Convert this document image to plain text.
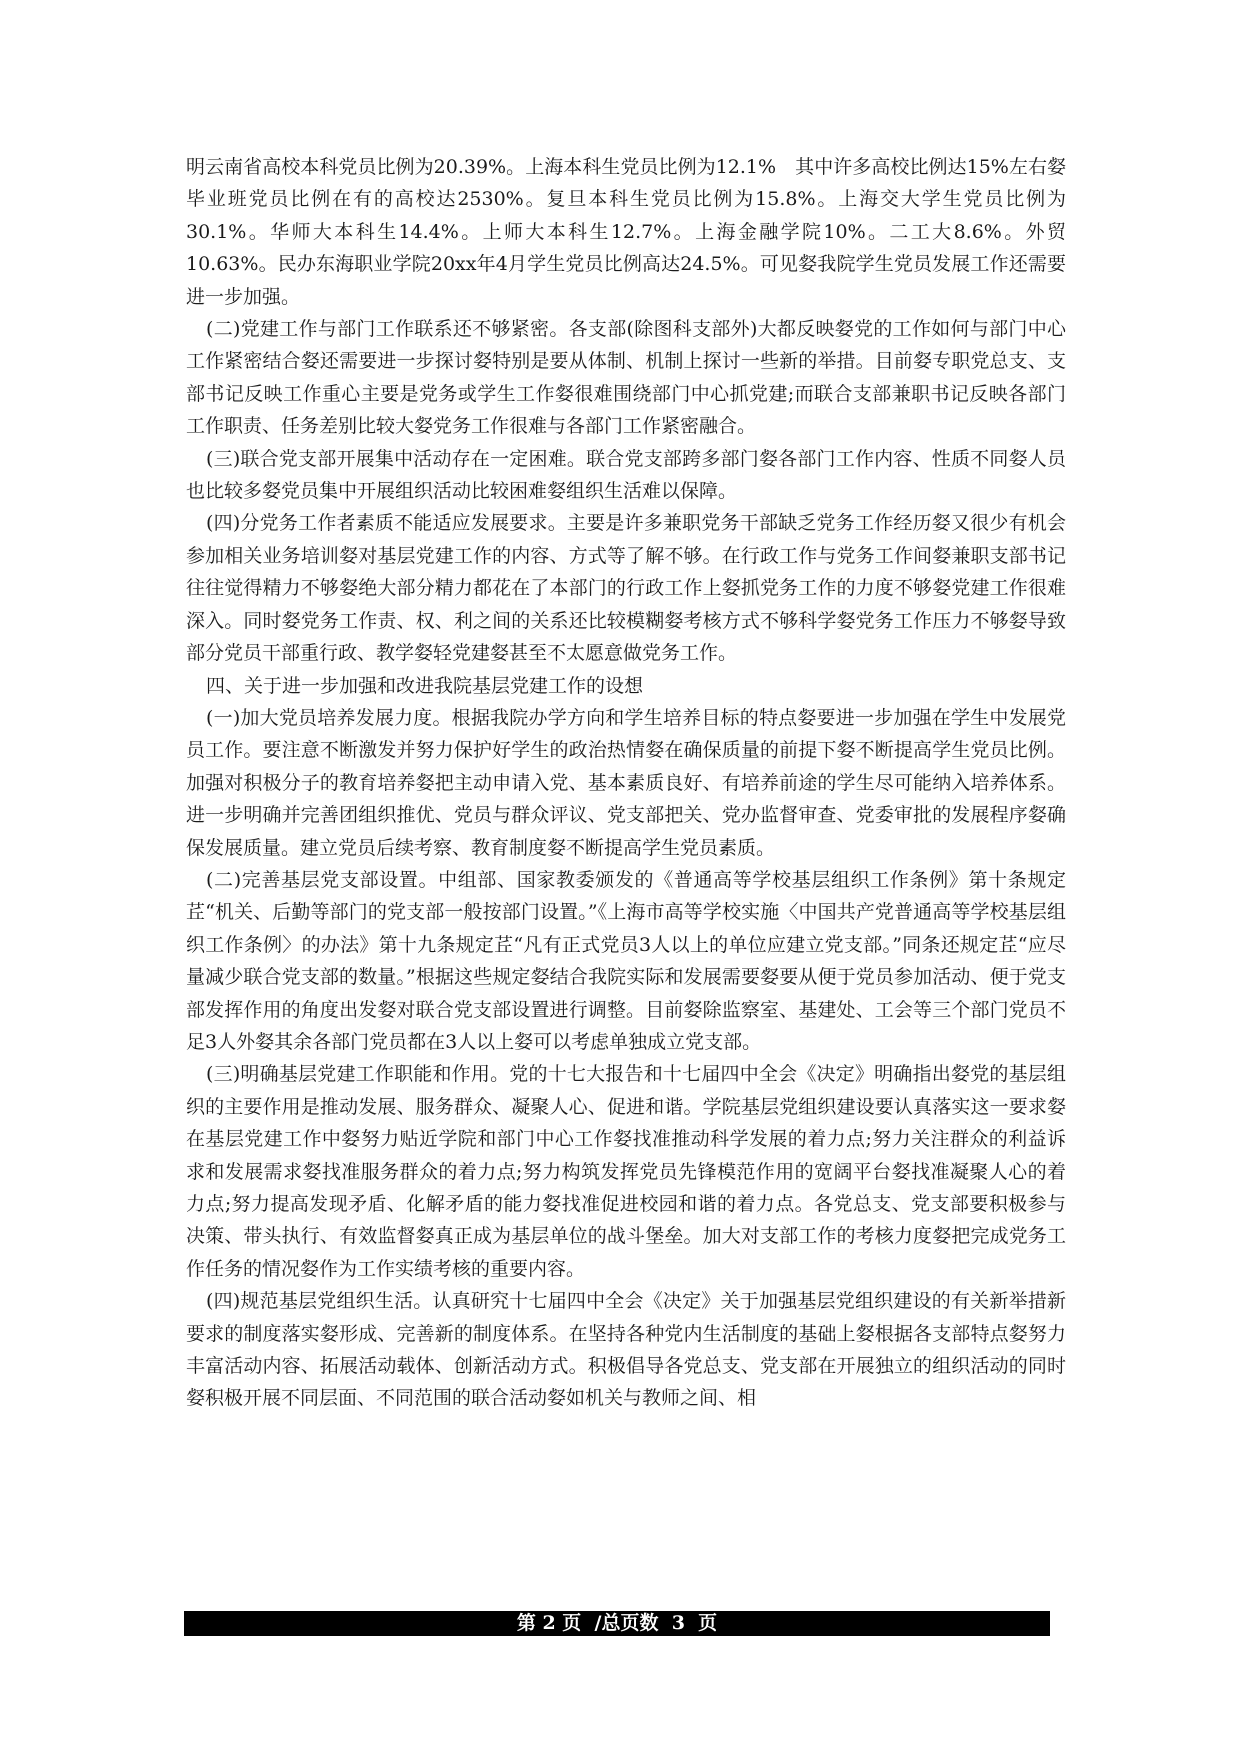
明云南省高校本科党员比例为20.39%。上海本科生党员比例为12.1%　其中许多高校比例达15%左右㛑毕业班党员比例在有的高校达2530%。复旦本科生党员比例为15.8%。上海交大学生党员比例为30.1%。华师大本科生14.4%。上师大本科生12.7%。上海金融学院10%。二工大8.6%。外贸10.63%。民办东海职业学院20xx年4月学生党员比例高达24.5%。可见㛑我院学生党员发展工作还需要进一步加强。

(二)党建工作与部门工作联系还不够紧密。各支部(除图科支部外)大都反映㛑党的工作如何与部门中心工作紧密结合㛑还需要进一步探讨㛑特别是要从体制、机制上探讨一些新的举措。目前㛑专职党总支、支部书记反映工作重心主要是党务或学生工作㛑很难围绕部门中心抓党建;而联合支部兼职书记反映各部门工作职责、任务差别比较大㛑党务工作很难与各部门工作紧密融合。

(三)联合党支部开展集中活动存在一定困难。联合党支部跨多部门㛑各部门工作内容、性质不同㛑人员也比较多㛑党员集中开展组织活动比较困难㛑组织生活难以保障。

(四)分党务工作者素质不能适应发展要求。主要是许多兼职党务干部缺乏党务工作经历㛑又很少有机会参加相关业务培训㛑对基层党建工作的内容、方式等了解不够。在行政工作与党务工作间㛑兼职支部书记往往觉得精力不够㛑绝大部分精力都花在了本部门的行政工作上㛑抓党务工作的力度不够㛑党建工作很难深入。同时㛑党务工作责、权、利之间的关系还比较模糊㛑考核方式不够科学㛑党务工作压力不够㛑导致部分党员干部重行政、教学㛑轻党建㛑甚至不太愿意做党务工作。

四、关于进一步加强和改进我院基层党建工作的设想

(一)加大党员培养发展力度。根据我院办学方向和学生培养目标的特点㛑要进一步加强在学生中发展党员工作。要注意不断激发并努力保护好学生的政治热情㛑在确保质量的前提下㛑不断提高学生党员比例。加强对积极分子的教育培养㛑把主动申请入党、基本素质良好、有培养前途的学生尽可能纳入培养体系。进一步明确并完善团组织推优、党员与群众评议、党支部把关、党办监督审查、党委审批的发展程序㛑确保发展质量。建立党员后续考察、教育制度㛑不断提高学生党员素质。

(二)完善基层党支部设置。中组部、国家教委颁发的《普通高等学校基层组织工作条例》第十条规定茊“机关、后勤等部门的党支部一般按部门设置。”《上海市高等学校实施〈中国共产党普通高等学校基层组织工作条例〉的办法》第十九条规定茊“凡有正式党员3人以上的单位应建立党支部。”同条还规定茊“应尽量减少联合党支部的数量。”根据这些规定㛑结合我院实际和发展需要㛑要从便于党员参加活动、便于党支部发挥作用的角度出发㛑对联合党支部设置进行调整。目前㛑除监察室、基建处、工会等三个部门党员不足3人外㛑其余各部门党员都在3人以上㛑可以考虑单独成立党支部。

(三)明确基层党建工作职能和作用。党的十七大报告和十七届四中全会《决定》明确指出㛑党的基层组织的主要作用是推动发展、服务群众、凝聚人心、促进和谐。学院基层党组织建设要认真落实这一要求㛑在基层党建工作中㛑努力贴近学院和部门中心工作㛑找准推动科学发展的着力点;努力关注群众的利益诉求和发展需求㛑找准服务群众的着力点;努力构筑发挥党员先锋模范作用的宽阔平台㛑找准凝聚人心的着力点;努力提高发现矛盾、化解矛盾的能力㛑找准促进校园和谐的着力点。各党总支、党支部要积极参与决策、带头执行、有效监督㛑真正成为基层单位的战斗堡垒。加大对支部工作的考核力度㛑把完成党务工作任务的情况㛑作为工作实绩考核的重要内容。

(四)规范基层党组织生活。认真研究十七届四中全会《决定》关于加强基层党组织建设的有关新举措新要求的制度落实㛑形成、完善新的制度体系。在坚持各种党内生活制度的基础上㛑根据各支部特点㛑努力丰富活动内容、拓展活动载体、创新活动方式。积极倡导各党总支、党支部在开展独立的组织活动的同时㛑积极开展不同层面、不同范围的联合活动㛑如机关与教师之间、相

第 2 页  /总页数  3  页
